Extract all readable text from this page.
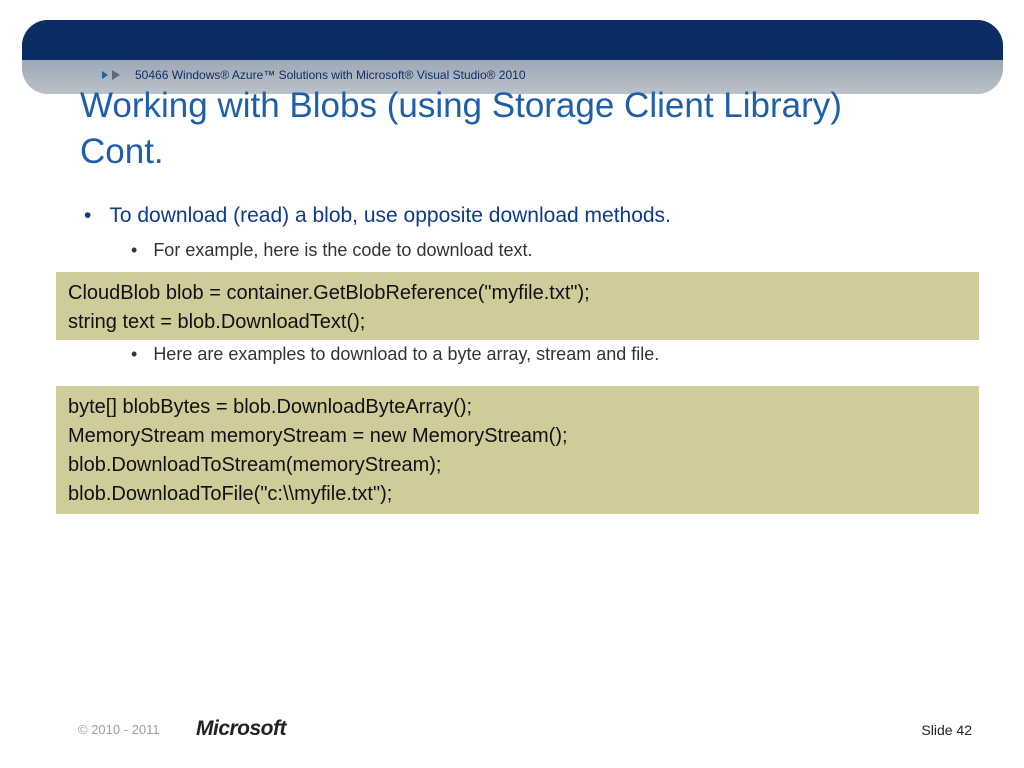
50466 Windows® Azure™ Solutions with Microsoft® Visual Studio® 2010
Working with Blobs (using Storage Client Library)
Cont.
• To download (read) a blob, use opposite download methods.
• For example, here is the code to download text.
CloudBlob blob = container.GetBlobReference("myfile.txt");
string text = blob.DownloadText();
• Here are examples to download to a byte array, stream and file.
byte[] blobBytes = blob.DownloadByteArray();
MemoryStream memoryStream = new MemoryStream();
blob.DownloadToStream(memoryStream);
blob.DownloadToFile("c:\\myfile.txt");
© 2010 - 2011 Microsoft	Slide 42
